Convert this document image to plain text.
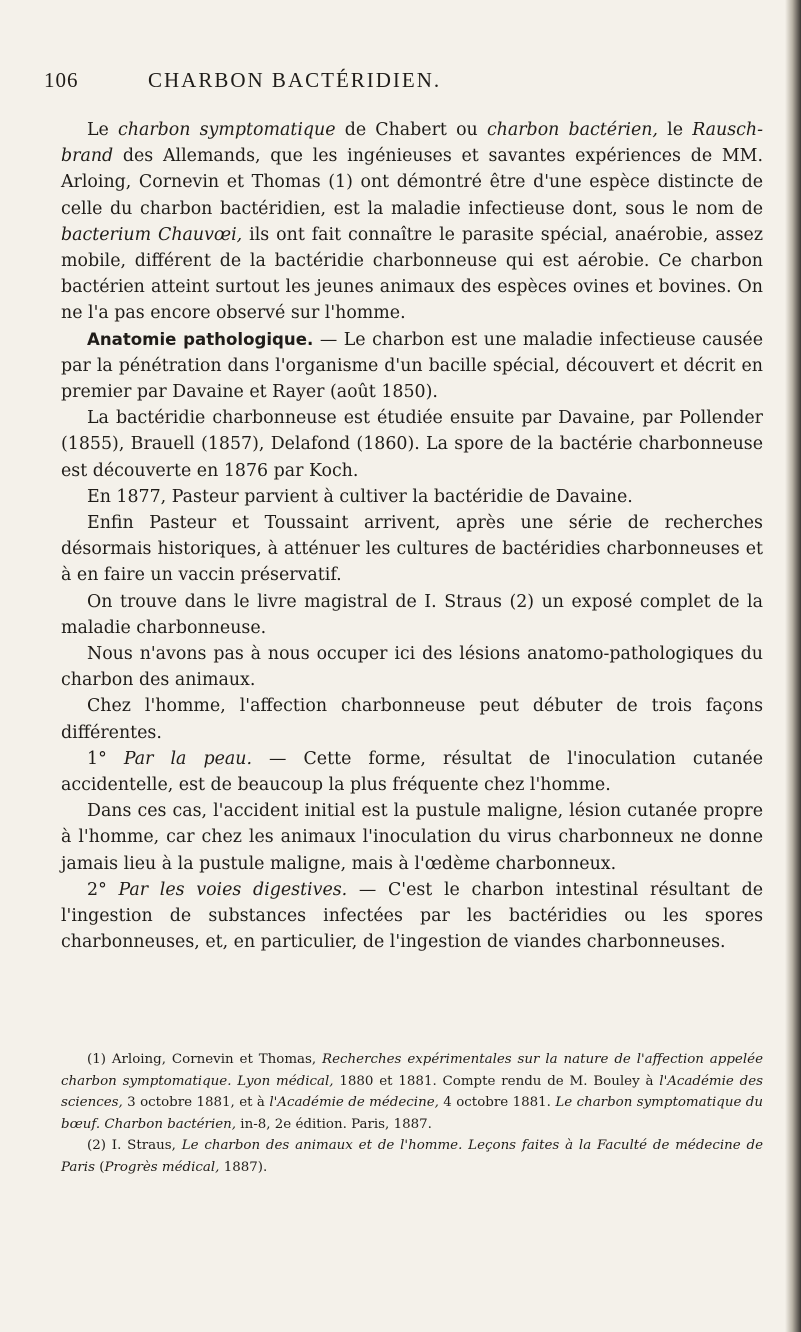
106	CHARBON BACTÉRIDIEN.

Le charbon symptomatique de Chabert ou charbon bactérien, le Rausch-brand des Allemands, que les ingénieuses et savantes expériences de MM. Arloing, Cornevin et Thomas (1) ont démontré être d'une espèce distincte de celle du charbon bactéridien, est la maladie infectieuse dont, sous le nom de bacterium Chauvœi, ils ont fait connaître le parasite spécial, anaérobie, assez mobile, différent de la bactéridie charbonneuse qui est aérobie. Ce charbon bactérien atteint surtout les jeunes animaux des espèces ovines et bovines. On ne l'a pas encore observé sur l'homme.

Anatomie pathologique. — Le charbon est une maladie infectieuse causée par la pénétration dans l'organisme d'un bacille spécial, découvert et décrit en premier par Davaine et Rayer (août 1850).

La bactéridie charbonneuse est étudiée ensuite par Davaine, par Pollender (1855), Brauell (1857), Delafond (1860). La spore de la bactérie charbonneuse est découverte en 1876 par Koch.

En 1877, Pasteur parvient à cultiver la bactéridie de Davaine.

Enfin Pasteur et Toussaint arrivent, après une série de recherches désormais historiques, à atténuer les cultures de bactéridies charbonneuses et à en faire un vaccin préservatif.

On trouve dans le livre magistral de I. Straus (2) un exposé complet de la maladie charbonneuse.

Nous n'avons pas à nous occuper ici des lésions anatomo-pathologiques du charbon des animaux.

Chez l'homme, l'affection charbonneuse peut débuter de trois façons différentes.

1° Par la peau. — Cette forme, résultat de l'inoculation cutanée accidentelle, est de beaucoup la plus fréquente chez l'homme.

Dans ces cas, l'accident initial est la pustule maligne, lésion cutanée propre à l'homme, car chez les animaux l'inoculation du virus charbonneux ne donne jamais lieu à la pustule maligne, mais à l'œdème charbonneux.

2° Par les voies digestives. — C'est le charbon intestinal résultant de l'ingestion de substances infectées par les bactéridies ou les spores charbonneuses, et, en particulier, de l'ingestion de viandes charbonneuses.

(1) Arloing, Cornevin et Thomas, Recherches expérimentales sur la nature de l'affection appelée charbon symptomatique. Lyon médical, 1880 et 1881. Compte rendu de M. Bouley à l'Académie des sciences, 3 octobre 1881, et à l'Académie de médecine, 4 octobre 1881. Le charbon symptomatique du bœuf. Charbon bactérien, in-8, 2e édition. Paris, 1887.

(2) I. Straus, Le charbon des animaux et de l'homme. Leçons faites à la Faculté de médecine de Paris (Progrès médical, 1887).
